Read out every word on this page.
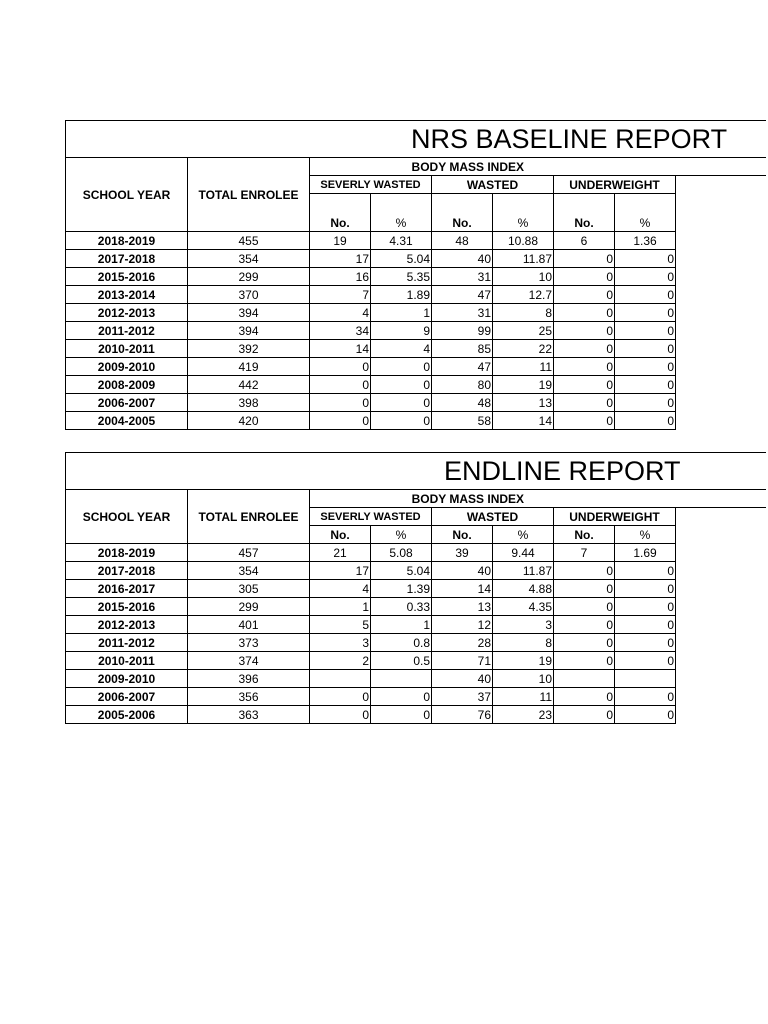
NRS BASELINE REPORT								
SCHOOL YEAR	TOTAL ENROLEE	BODY MASS INDEX						
		SEVERLY WASTED		WASTED		UNDERWEIGHT		
		No.	%	No.	%	No.	%	

2018-2019	455	19	4.31	48	10.88	6	1.36	
2017-2018	354	17	5.04	40	11.87	0	0	
2015-2016	299	16	5.35	31	10	0	0	
2013-2014	370	7	1.89	47	12.7	0	0	
2012-2013	394	4	1	31	8	0	0	
2011-2012	394	34	9	99	25	0	0	
2010-2011	392	14	4	85	22	0	0	
2009-2010	419	0	0	47	11	0	0	
2008-2009	442	0	0	80	19	0	0	
2006-2007	398	0	0	48	13	0	0	
2004-2005	420	0	0	58	14	0	0	
ENDLINE REPORT								
SCHOOL YEAR	TOTAL ENROLEE	BODY MASS INDEX						
		SEVERLY WASTED		WASTED		UNDERWEIGHT		
		No.	%	No.	%	No.	%	
2018-2019	457	21	5.08	39	9.44	7	1.69	
2017-2018	354	17	5.04	40	11.87	0	0	
2016-2017	305	4	1.39	14	4.88	0	0	
2015-2016	299	1	0.33	13	4.35	0	0	
2012-2013	401	5	1	12	3	0	0	
2011-2012	373	3	0.8	28	8	0	0	
2010-2011	374	2	0.5	71	19	0	0	
2009-2010	396			40	10			
2006-2007	356	0	0	37	11	0	0	
2005-2006	363	0	0	76	23	0	0	
